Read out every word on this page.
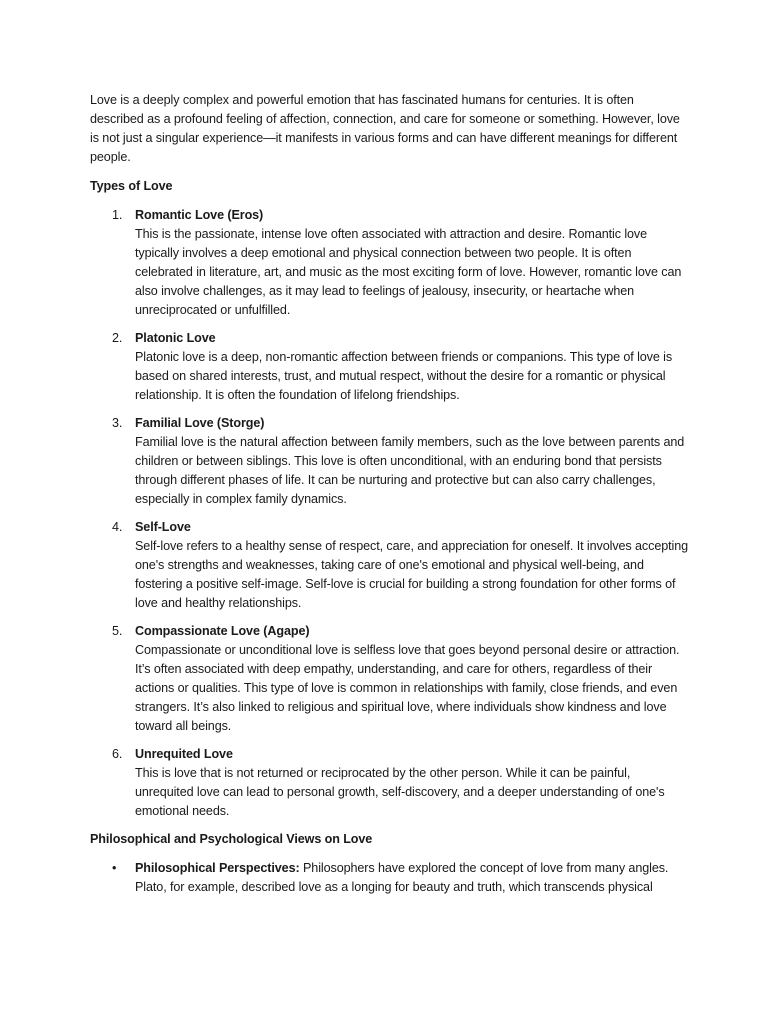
Love is a deeply complex and powerful emotion that has fascinated humans for centuries. It is often described as a profound feeling of affection, connection, and care for someone or something. However, love is not just a singular experience—it manifests in various forms and can have different meanings for different people.

Types of Love

1. Romantic Love (Eros)
This is the passionate, intense love often associated with attraction and desire. Romantic love typically involves a deep emotional and physical connection between two people. It is often celebrated in literature, art, and music as the most exciting form of love. However, romantic love can also involve challenges, as it may lead to feelings of jealousy, insecurity, or heartache when unreciprocated or unfulfilled.
2. Platonic Love
Platonic love is a deep, non-romantic affection between friends or companions. This type of love is based on shared interests, trust, and mutual respect, without the desire for a romantic or physical relationship. It is often the foundation of lifelong friendships.
3. Familial Love (Storge)
Familial love is the natural affection between family members, such as the love between parents and children or between siblings. This love is often unconditional, with an enduring bond that persists through different phases of life. It can be nurturing and protective but can also carry challenges, especially in complex family dynamics.
4. Self-Love
Self-love refers to a healthy sense of respect, care, and appreciation for oneself. It involves accepting one's strengths and weaknesses, taking care of one's emotional and physical well-being, and fostering a positive self-image. Self-love is crucial for building a strong foundation for other forms of love and healthy relationships.
5. Compassionate Love (Agape)
Compassionate or unconditional love is selfless love that goes beyond personal desire or attraction. It’s often associated with deep empathy, understanding, and care for others, regardless of their actions or qualities. This type of love is common in relationships with family, close friends, and even strangers. It’s also linked to religious and spiritual love, where individuals show kindness and love toward all beings.
6. Unrequited Love
This is love that is not returned or reciprocated by the other person. While it can be painful, unrequited love can lead to personal growth, self-discovery, and a deeper understanding of one's emotional needs.

Philosophical and Psychological Views on Love

• Philosophical Perspectives: Philosophers have explored the concept of love from many angles. Plato, for example, described love as a longing for beauty and truth, which transcends physical
